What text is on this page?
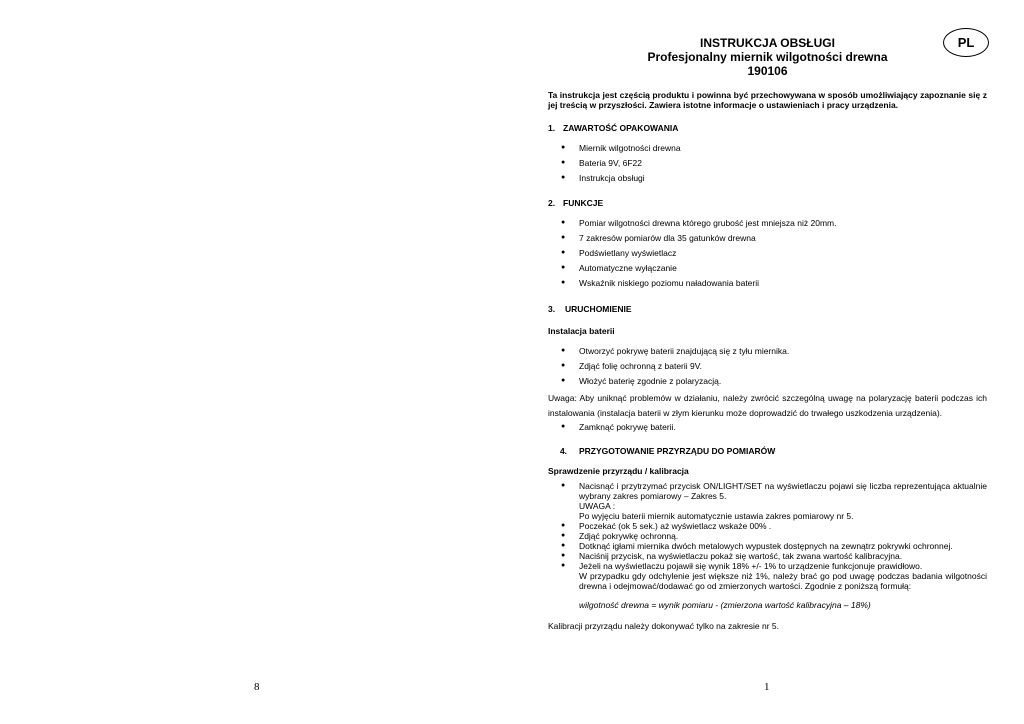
PL
INSTRUKCJA OBSŁUGI
Profesjonalny miernik wilgotności drewna
190106
Ta instrukcja jest częścią produktu i powinna być przechowywana w sposób umożliwiający zapoznanie się z jej treścią w przyszłości. Zawiera istotne informacje o ustawieniach i pracy urządzenia.
1. ZAWARTOŚĆ OPAKOWANIA
● Miernik wilgotności drewna
● Bateria 9V, 6F22
● Instrukcja obsługi
2. FUNKCJE
● Pomiar wilgotności drewna którego grubość jest mniejsza niż 20mm.
● 7 zakresów pomiarów dla 35 gatunków drewna
● Podświetlany wyświetlacz
● Automatyczne wyłączanie
● Wskaźnik niskiego poziomu naładowania baterii
3.	URUCHOMIENIE
Instalacja baterii
● Otworzyć pokrywę baterii znajdującą się z tyłu miernika.
● Zdjąć folię ochronną z baterii 9V.
● Włożyć baterię zgodnie z polaryzacją.
Uwaga: Aby uniknąć problemów w działaniu, należy zwrócić szczególną uwagę na polaryzację baterii podczas ich instalowania (instalacja baterii w złym kierunku może doprowadzić do trwałego uszkodzenia urządzenia).
● Zamknąć pokrywę baterii.
4.	PRZYGOTOWANIE PRZYRZĄDU DO POMIARÓW
Sprawdzenie przyrządu / kalibracja
● Nacisnąć i przytrzymać przycisk ON/LIGHT/SET na wyświetlaczu pojawi się liczba reprezentująca aktualnie wybrany zakres pomiarowy – Zakres 5.
UWAGA :
Po wyjęciu baterii miernik automatycznie ustawia zakres pomiarowy nr 5.
● Poczekać (ok 5 sek.) aż wyświetlacz wskaże 00% .
● Zdjąć pokrywkę ochronną.
● Dotknąć igłami miernika dwóch metalowych wypustek dostępnych na zewnątrz pokrywki ochronnej.
● Naciśnij przycisk, na wyświetlaczu pokaż się wartość, tak zwana wartość kalibracyjna.
● Jeżeli na wyświetlaczu pojawił się wynik 18% +/- 1% to urządzenie funkcjonuje prawidłowo.
W przypadku gdy odchylenie jest większe niż 1%, należy brać go pod uwagę podczas badania wilgotności drewna i odejmować/dodawać go od zmierzonych wartości. Zgodnie z poniższą formułą:
wilgotność drewna = wynik pomiaru - (zmierzona wartość kalibracyjna – 18%)
Kalibracji przyrządu należy dokonywać tylko na zakresie nr 5.
8	1
